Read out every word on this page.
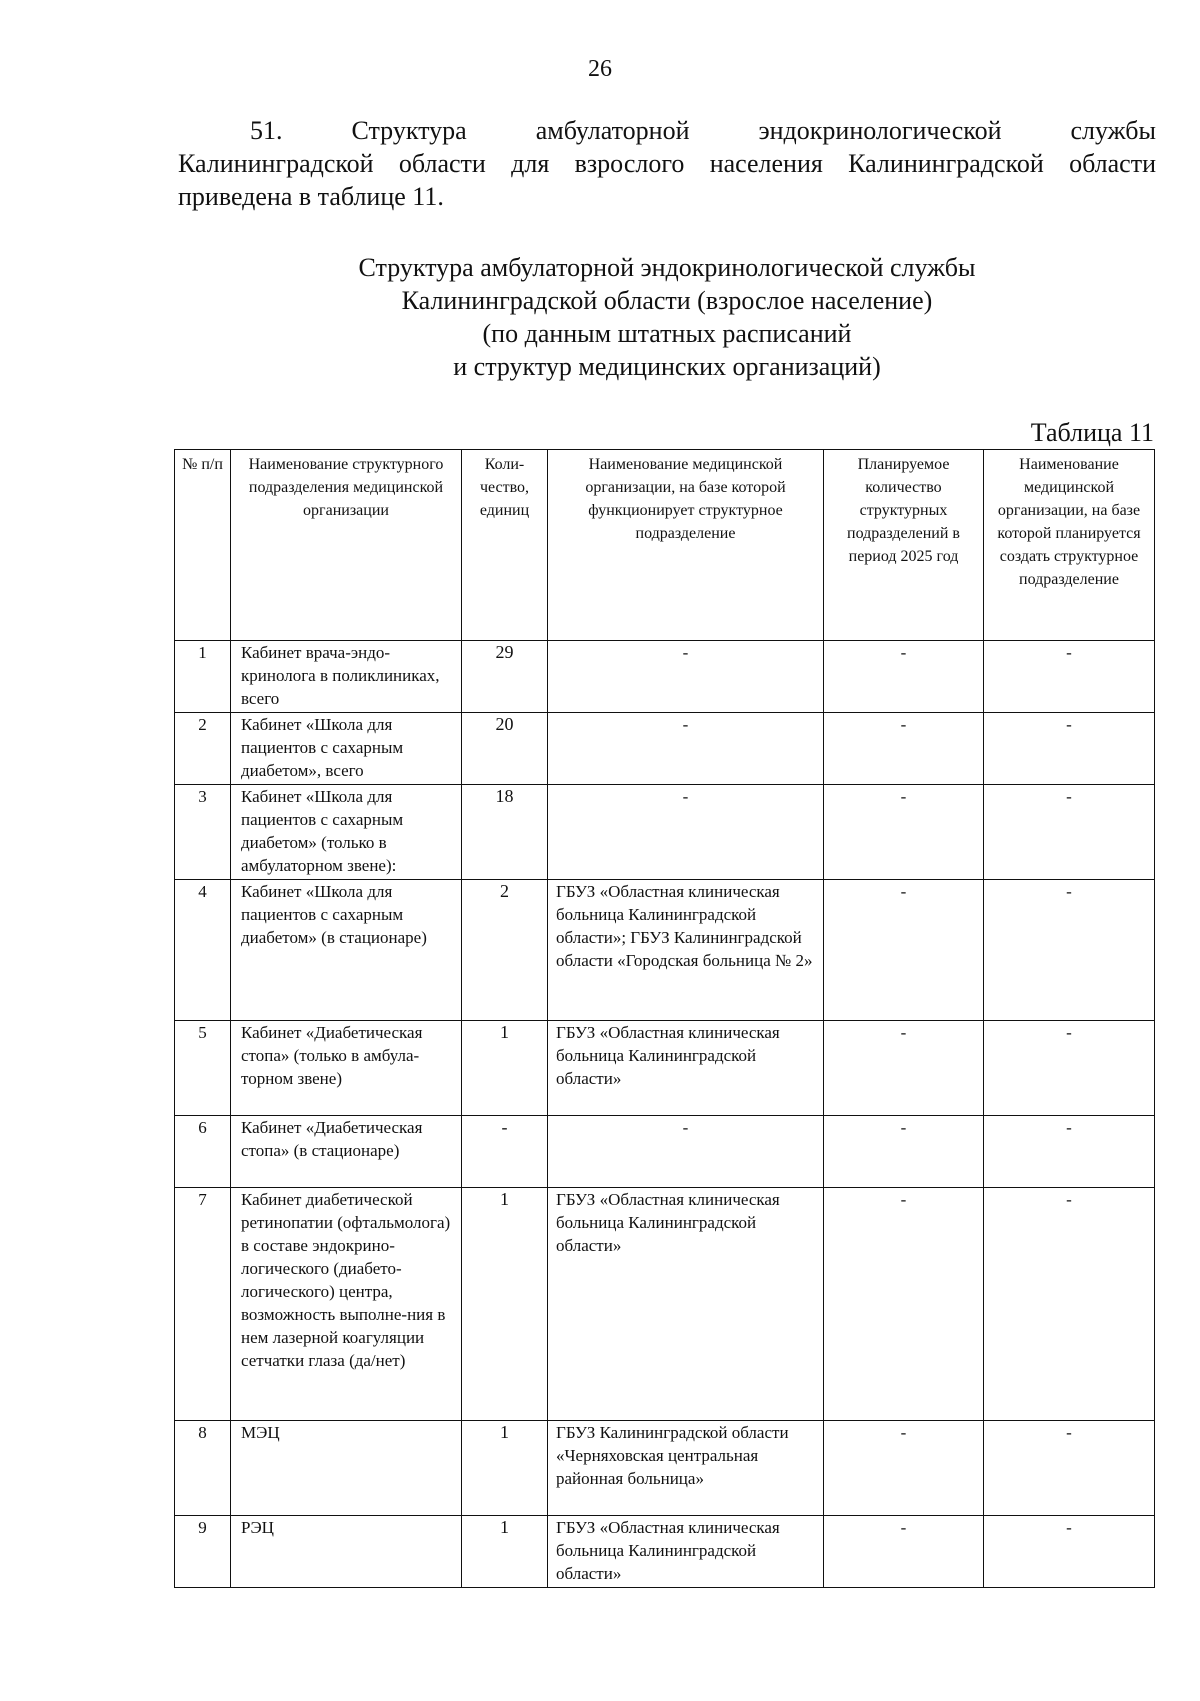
26
51. Структура амбулаторной эндокринологической службы
Калининградской области для взрослого населения Калининградской области приведена в таблице 11.
Структура амбулаторной эндокринологической службы
Калининградской области (взрослое население)
(по данным штатных расписаний
и структур медицинских организаций)
Таблица 11
№ п/п	Наименование структурного подразделения медицинской организации	Коли-чество, единиц	Наименование медицинской организации, на базе которой функционирует структурное подразделение	Планируемое количество структурных подразделений в период 2025 год	Наименование медицинской организации, на базе которой планируется создать структурное подразделение
1	Кабинет врача-эндо-кринолога в поликлиниках, всего	29	-	-	-
2	Кабинет «Школа для пациентов с сахарным диабетом», всего	20	-	-	-
3	Кабинет «Школа для пациентов с сахарным диабетом» (только в амбулаторном звене):	18	-	-	-
4	Кабинет «Школа для пациентов с сахарным диабетом» (в стационаре)	2	ГБУЗ «Областная клиническая больница Калининградской области»; ГБУЗ Калининградской области «Городская больница № 2»	-	-
5	Кабинет «Диабетическая стопа» (только в амбула-торном звене)	1	ГБУЗ «Областная клиническая больница Калининградской области»	-	-
6	Кабинет «Диабетическая стопа» (в стационаре)	-	-	-	-
7	Кабинет диабетической ретинопатии (офтальмолога) в составе эндокрино-логического (диабето-логического) центра, возможность выполне-ния в нем лазерной коагуляции сетчатки глаза (да/нет)	1	ГБУЗ «Областная клиническая больница Калининградской области»	-	-
8	МЭЦ	1	ГБУЗ Калининградской области «Черняховская центральная районная больница»	-	-
9	РЭЦ	1	ГБУЗ «Областная клиническая больница Калининградской области»	-	-
